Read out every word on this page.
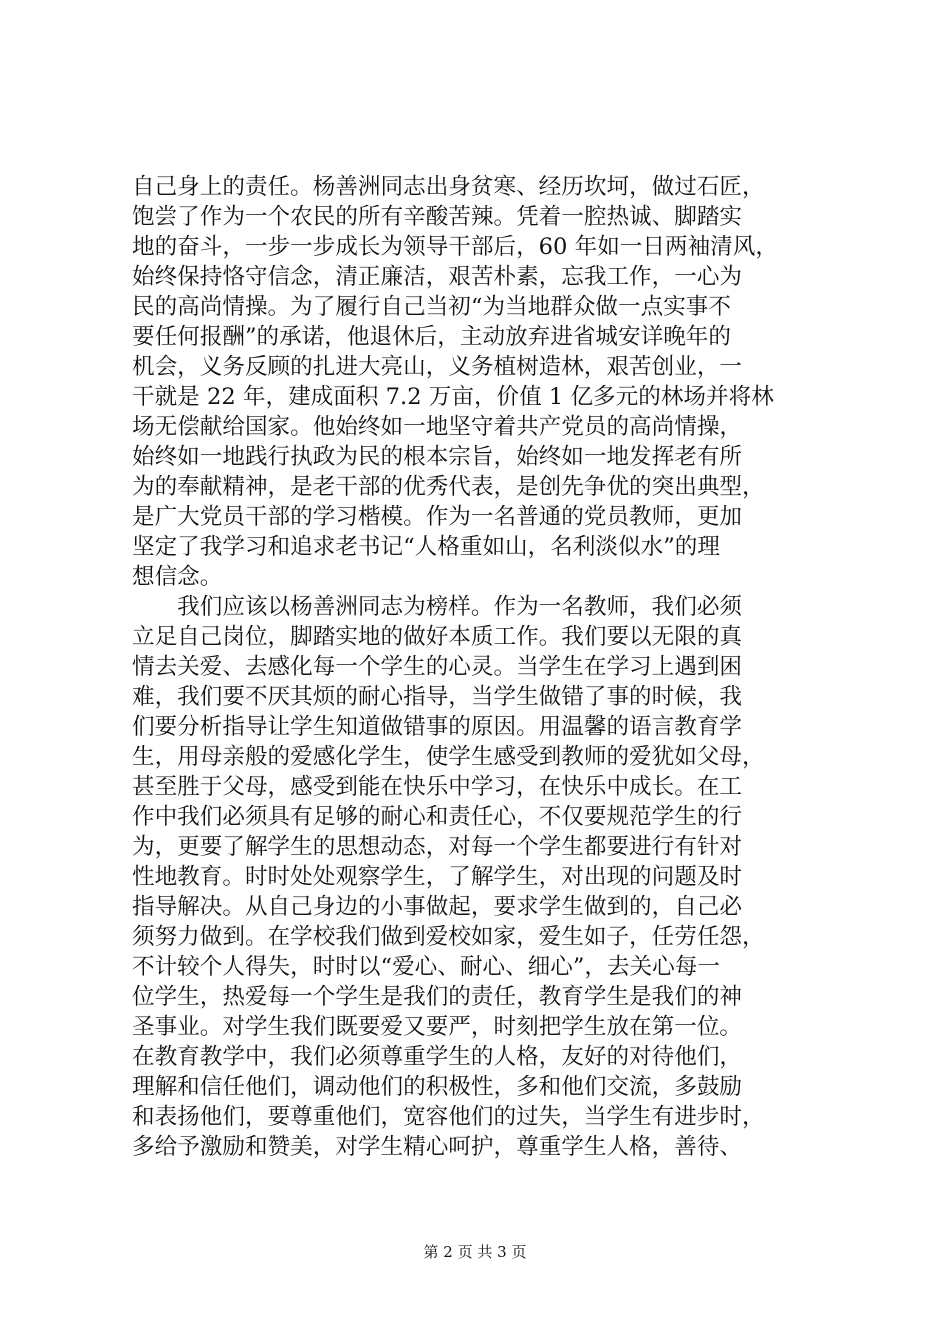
自己身上的责任。杨善洲同志出身贫寒、经历坎坷，做过石匠，
饱尝了作为一个农民的所有辛酸苦辣。凭着一腔热诚、脚踏实
地的奋斗，一步一步成长为领导干部后，60 年如一日两袖清风，
始终保持恪守信念，清正廉洁，艰苦朴素，忘我工作，一心为
民的高尚情操。为了履行自己当初“为当地群众做一点实事不
要任何报酬”的承诺，他退休后，主动放弃进省城安详晚年的
机会，义务反顾的扎进大亮山，义务植树造林，艰苦创业，一
干就是 22 年，建成面积 7.2 万亩，价值 1 亿多元的林场并将林
场无偿献给国家。他始终如一地坚守着共产党员的高尚情操，
始终如一地践行执政为民的根本宗旨，始终如一地发挥老有所
为的奉献精神，是老干部的优秀代表，是创先争优的突出典型，
是广大党员干部的学习楷模。作为一名普通的党员教师，更加
坚定了我学习和追求老书记“人格重如山，名利淡似水”的理
想信念。
　　我们应该以杨善洲同志为榜样。作为一名教师，我们必须
立足自己岗位，脚踏实地的做好本质工作。我们要以无限的真
情去关爱、去感化每一个学生的心灵。当学生在学习上遇到困
难，我们要不厌其烦的耐心指导，当学生做错了事的时候，我
们要分析指导让学生知道做错事的原因。用温馨的语言教育学
生，用母亲般的爱感化学生，使学生感受到教师的爱犹如父母，
甚至胜于父母，感受到能在快乐中学习，在快乐中成长。在工
作中我们必须具有足够的耐心和责任心，不仅要规范学生的行
为，更要了解学生的思想动态，对每一个学生都要进行有针对
性地教育。时时处处观察学生，了解学生，对出现的问题及时
指导解决。从自己身边的小事做起，要求学生做到的，自己必
须努力做到。在学校我们做到爱校如家，爱生如子，任劳任怨，
不计较个人得失，时时以“爱心、耐心、细心”，去关心每一
位学生，热爱每一个学生是我们的责任，教育学生是我们的神
圣事业。对学生我们既要爱又要严，时刻把学生放在第一位。
在教育教学中，我们必须尊重学生的人格，友好的对待他们，
理解和信任他们，调动他们的积极性，多和他们交流，多鼓励
和表扬他们，要尊重他们，宽容他们的过失，当学生有进步时，
多给予激励和赞美，对学生精心呵护，尊重学生人格，善待、
第 2 页 共 3 页
